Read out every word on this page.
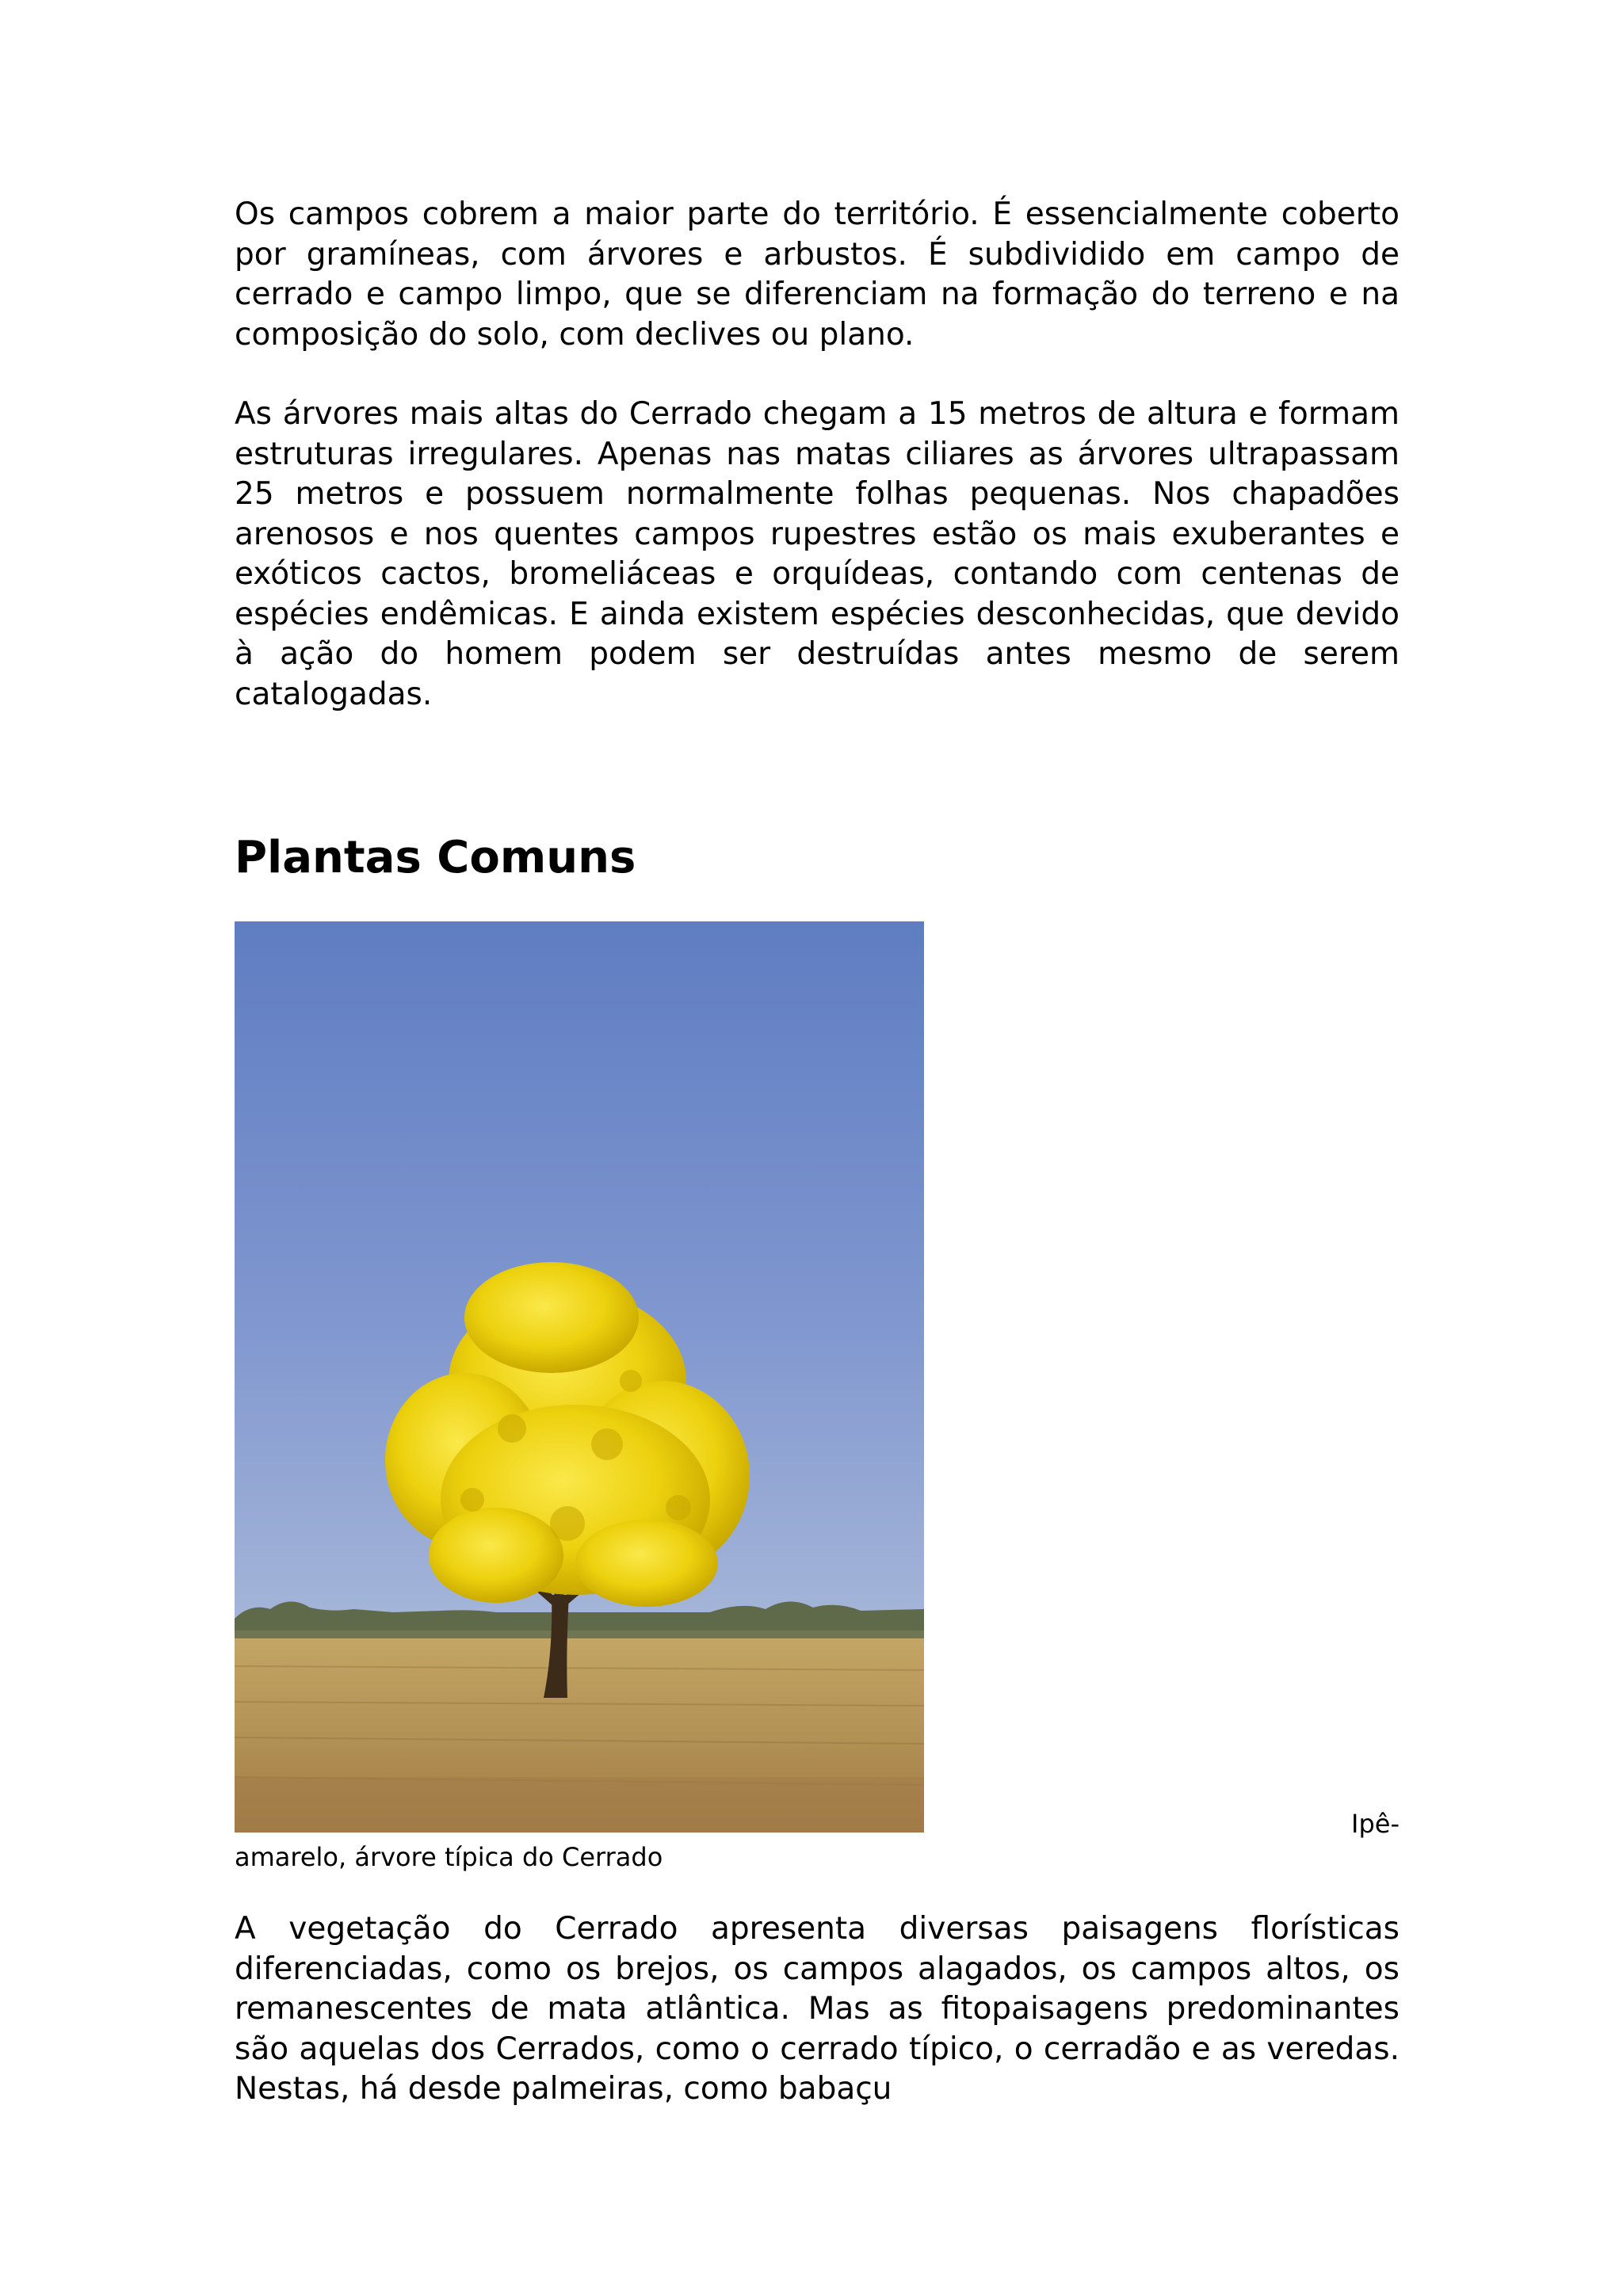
Os campos cobrem a maior parte do território. É essencialmente coberto por gramíneas, com árvores e arbustos. É subdividido em campo de cerrado e campo limpo, que se diferenciam na formação do terreno e na composição do solo, com declives ou plano.

As árvores mais altas do Cerrado chegam a 15 metros de altura e formam estruturas irregulares. Apenas nas matas ciliares as árvores ultrapassam 25 metros e possuem normalmente folhas pequenas. Nos chapadões arenosos e nos quentes campos rupestres estão os mais exuberantes e exóticos cactos, bromeliáceas e orquídeas, contando com centenas de espécies endêmicas. E ainda existem espécies desconhecidas, que devido à ação do homem podem ser destruídas antes mesmo de serem catalogadas.

Plantas Comuns

Ipê-

amarelo, árvore típica do Cerrado

A vegetação do Cerrado apresenta diversas paisagens florísticas diferenciadas, como os brejos, os campos alagados, os campos altos, os remanescentes de mata atlântica. Mas as fitopaisagens predominantes são aquelas dos Cerrados, como o cerrado típico, o cerradão e as veredas. Nestas, há desde palmeiras, como babaçu
